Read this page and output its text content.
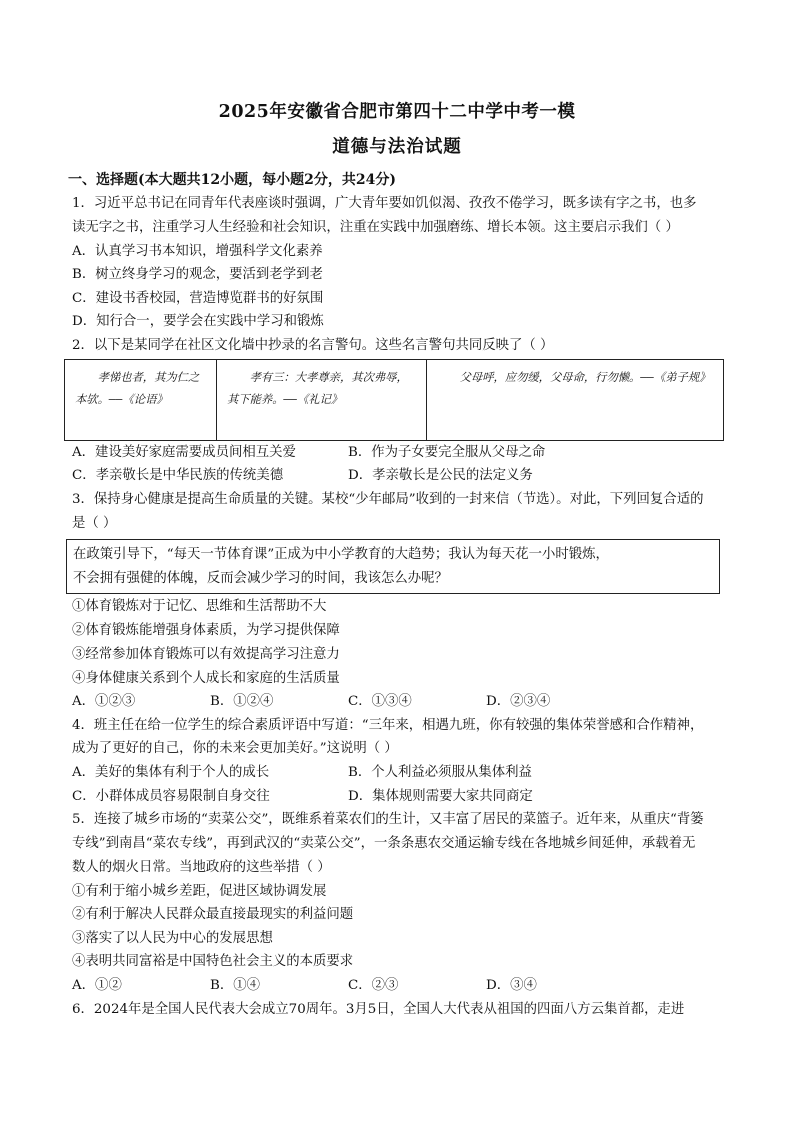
2025年安徽省合肥市第四十二中学中考一模
道德与法治试题
一、选择题(本大题共12小题，每小题2分，共24分)
1．习近平总书记在同青年代表座谈时强调，广大青年要如饥似渴、孜孜不倦学习，既多读有字之书，也多
读无字之书，注重学习人生经验和社会知识，注重在实践中加强磨练、增长本领。这主要启示我们（ ）
A．认真学习书本知识，增强科学文化素养
B．树立终身学习的观念，要活到老学到老
C．建设书香校园，营造博览群书的好氛围
D．知行合一，要学会在实践中学习和锻炼
2．以下是某同学在社区文化墙中抄录的名言警句。这些名言警句共同反映了（ ）
孝悌也者，其为仁之本欤。——《论语》
孝有三：大孝尊亲，其次弗辱，其下能养。——《礼记》
父母呼，应勿缓，父母命，行勿懒。——《弟子规》
A．建设美好家庭需要成员间相互关爱	B．作为子女要完全服从父母之命
C．孝亲敬长是中华民族的传统美德	D．孝亲敬长是公民的法定义务
3．保持身心健康是提高生命质量的关键。某校“少年邮局”收到的一封来信（节选）。对此，下列回复合适的
是（ ）
在政策引导下，“每天一节体育课”正成为中小学教育的大趋势；我认为每天花一小时锻炼，
不会拥有强健的体魄，反而会减少学习的时间，我该怎么办呢？
①体育锻炼对于记忆、思维和生活帮助不大
②体育锻炼能增强身体素质，为学习提供保障
③经常参加体育锻炼可以有效提高学习注意力
④身体健康关系到个人成长和家庭的生活质量
A．①②③	B．①②④	C．①③④	D．②③④
4．班主任在给一位学生的综合素质评语中写道：“三年来，相遇九班，你有较强的集体荣誉感和合作精神，
成为了更好的自己，你的未来会更加美好。”这说明（ ）
A．美好的集体有利于个人的成长	B．个人利益必须服从集体利益
C．小群体成员容易限制自身交往	D．集体规则需要大家共同商定
5．连接了城乡市场的“卖菜公交”，既维系着菜农们的生计，又丰富了居民的菜篮子。近年来，从重庆“背篓
专线”到南昌“菜农专线”，再到武汉的“卖菜公交”，一条条惠农交通运输专线在各地城乡间延伸，承载着无
数人的烟火日常。当地政府的这些举措（ ）
①有利于缩小城乡差距，促进区域协调发展
②有利于解决人民群众最直接最现实的利益问题
③落实了以人民为中心的发展思想
④表明共同富裕是中国特色社会主义的本质要求
A．①②	B．①④	C．②③	D．③④
6．2024年是全国人民代表大会成立70周年。3月5日，全国人大代表从祖国的四面八方云集首都，走进
